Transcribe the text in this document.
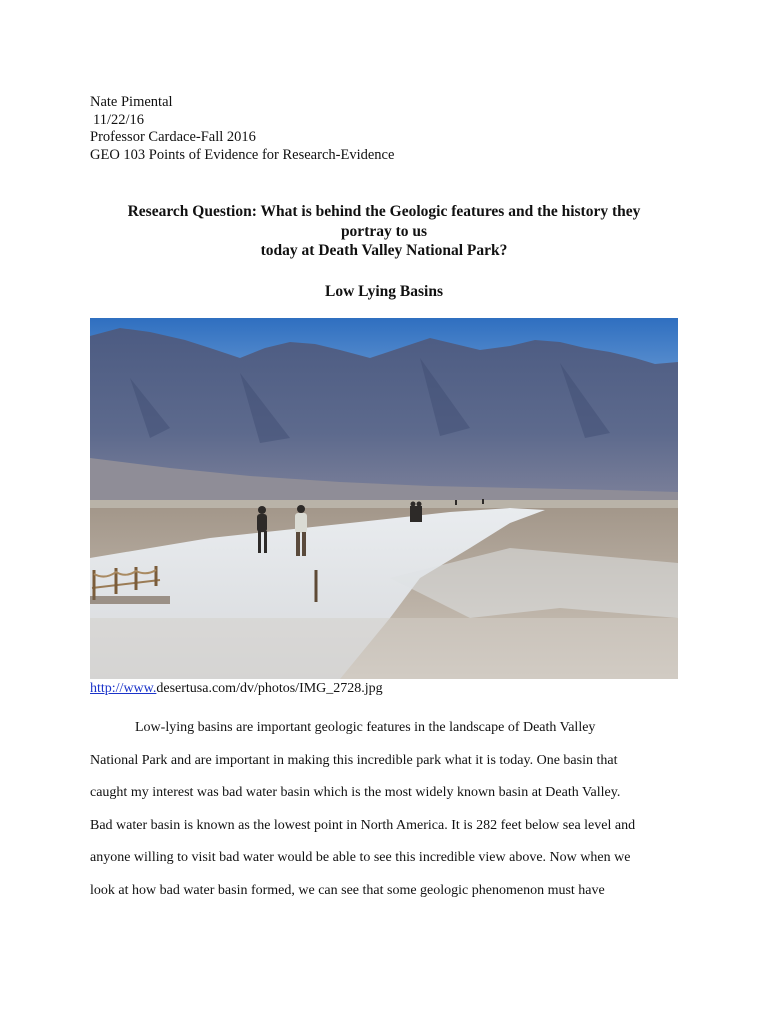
Nate Pimental
11/22/16
Professor Cardace-Fall 2016
GEO 103 Points of Evidence for Research-Evidence
Research Question: What is behind the Geologic features and the history they
portray to us
today at Death Valley National Park?
Low Lying Basins
http://www.desertusa.com/dv/photos/IMG_2728.jpg
Low-lying basins are important geologic features in the landscape of Death Valley
National Park and are important in making this incredible park what it is today. One basin that
caught my interest was bad water basin which is the most widely known basin at Death Valley.
Bad water basin is known as the lowest point in North America. It is 282 feet below sea level and
anyone willing to visit bad water would be able to see this incredible view above. Now when we
look at how bad water basin formed, we can see that some geologic phenomenon must have
